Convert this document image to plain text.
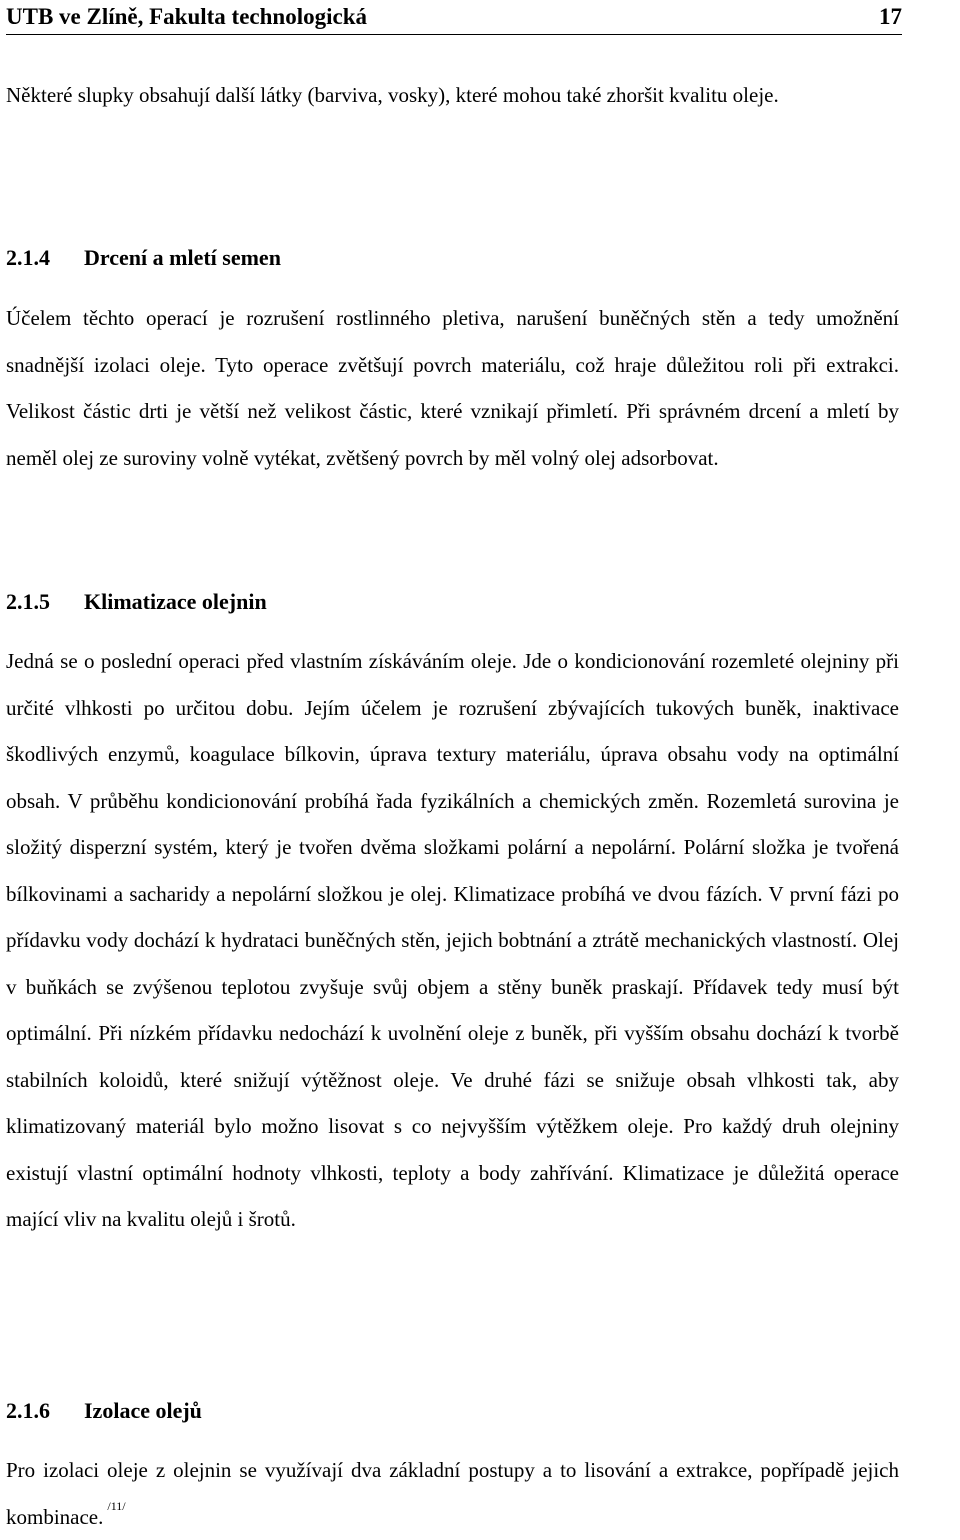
UTB ve Zlíně, Fakulta technologická	17

Některé slupky obsahují další látky (barviva, vosky), které mohou také zhoršit kvalitu oleje.

2.1.4 Drcení a mletí semen

Účelem těchto operací je rozrušení rostlinného pletiva, narušení buněčných stěn a tedy umožnění snadnější izolaci oleje. Tyto operace zvětšují povrch materiálu, což hraje důležitou roli při extrakci. Velikost částic drti je větší než velikost částic, které vznikají přimletí. Při správném drcení a mletí by neměl olej ze suroviny volně vytékat, zvětšený povrch by měl volný olej adsorbovat.

2.1.5 Klimatizace olejnin

Jedná se o poslední operaci před vlastním získáváním oleje. Jde o kondicionování rozemleté olejniny při určité vlhkosti po určitou dobu. Jejím účelem je rozrušení zbývajících tukových buněk, inaktivace škodlivých enzymů, koagulace bílkovin, úprava textury materiálu, úprava obsahu vody na optimální obsah. V průběhu kondicionování probíhá řada fyzikálních a chemických změn. Rozemletá surovina je složitý disperzní systém, který je tvořen dvěma složkami polární a nepolární. Polární složka je tvořená bílkovinami a sacharidy a nepolární složkou je olej. Klimatizace probíhá ve dvou fázích. V první fázi po přídavku vody dochází k hydrataci buněčných stěn, jejich bobtnání a ztrátě mechanických vlastností. Olej v buňkách se zvýšenou teplotou zvyšuje svůj objem a stěny buněk praskají. Přídavek tedy musí být optimální. Při nízkém přídavku nedochází k uvolnění oleje z buněk, při vyšším obsahu dochází k tvorbě stabilních koloidů, které snižují výtěžnost oleje. Ve druhé fázi se snižuje obsah vlhkosti tak, aby klimatizovaný materiál bylo možno lisovat s co nejvyšším výtěžkem oleje. Pro každý druh olejniny existují vlastní optimální hodnoty vlhkosti, teploty a body zahřívání. Klimatizace je důležitá operace mající vliv na kvalitu olejů i šrotů.

2.1.6 Izolace olejů

Pro izolaci oleje z olejnin se využívají dva základní postupy a to lisování a extrakce, popřípadě jejich kombinace. $^{/11/}$
